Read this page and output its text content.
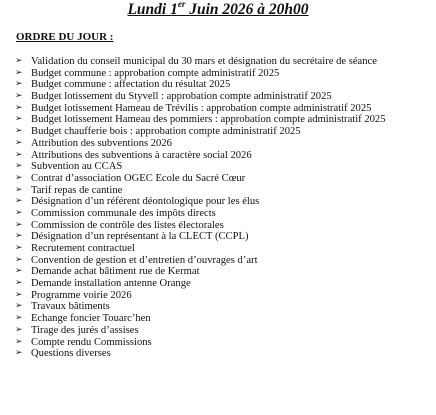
Lundi 1er Juin 2026 à 20h00
ORDRE DU JOUR :
➢ Validation du conseil municipal du 30 mars et désignation du secrétaire de séance
➢ Budget commune : approbation compte administratif 2025
➢ Budget commune : affectation du résultat 2025
➢ Budget lotissement du Styvell : approbation compte administratif 2025
➢ Budget lotissement Hameau de Trévilis : approbation compte administratif 2025
➢ Budget lotissement Hameau des pommiers : approbation compte administratif 2025
➢ Budget chaufferie bois : approbation compte administratif 2025
➢ Attribution des subventions 2026
➢ Attributions des subventions à caractère social 2026
➢ Subvention au CCAS
➢ Contrat d’association OGEC Ecole du Sacré Cœur
➢ Tarif repas de cantine
➢ Désignation d’un référent déontologique pour les élus
➢ Commission communale des impôts directs
➢ Commission de contrôle des listes électorales
➢ Désignation d’un représentant à la CLECT (CCPL)
➢ Recrutement contractuel
➢ Convention de gestion et d’entretien d’ouvrages d’art
➢ Demande achat bâtiment rue de Kermat
➢ Demande installation antenne Orange
➢ Programme voirie 2026
➢ Travaux bâtiments
➢ Echange foncier Touarc’hen
➢ Tirage des jurés d’assises
➢ Compte rendu Commissions
➢ Questions diverses
